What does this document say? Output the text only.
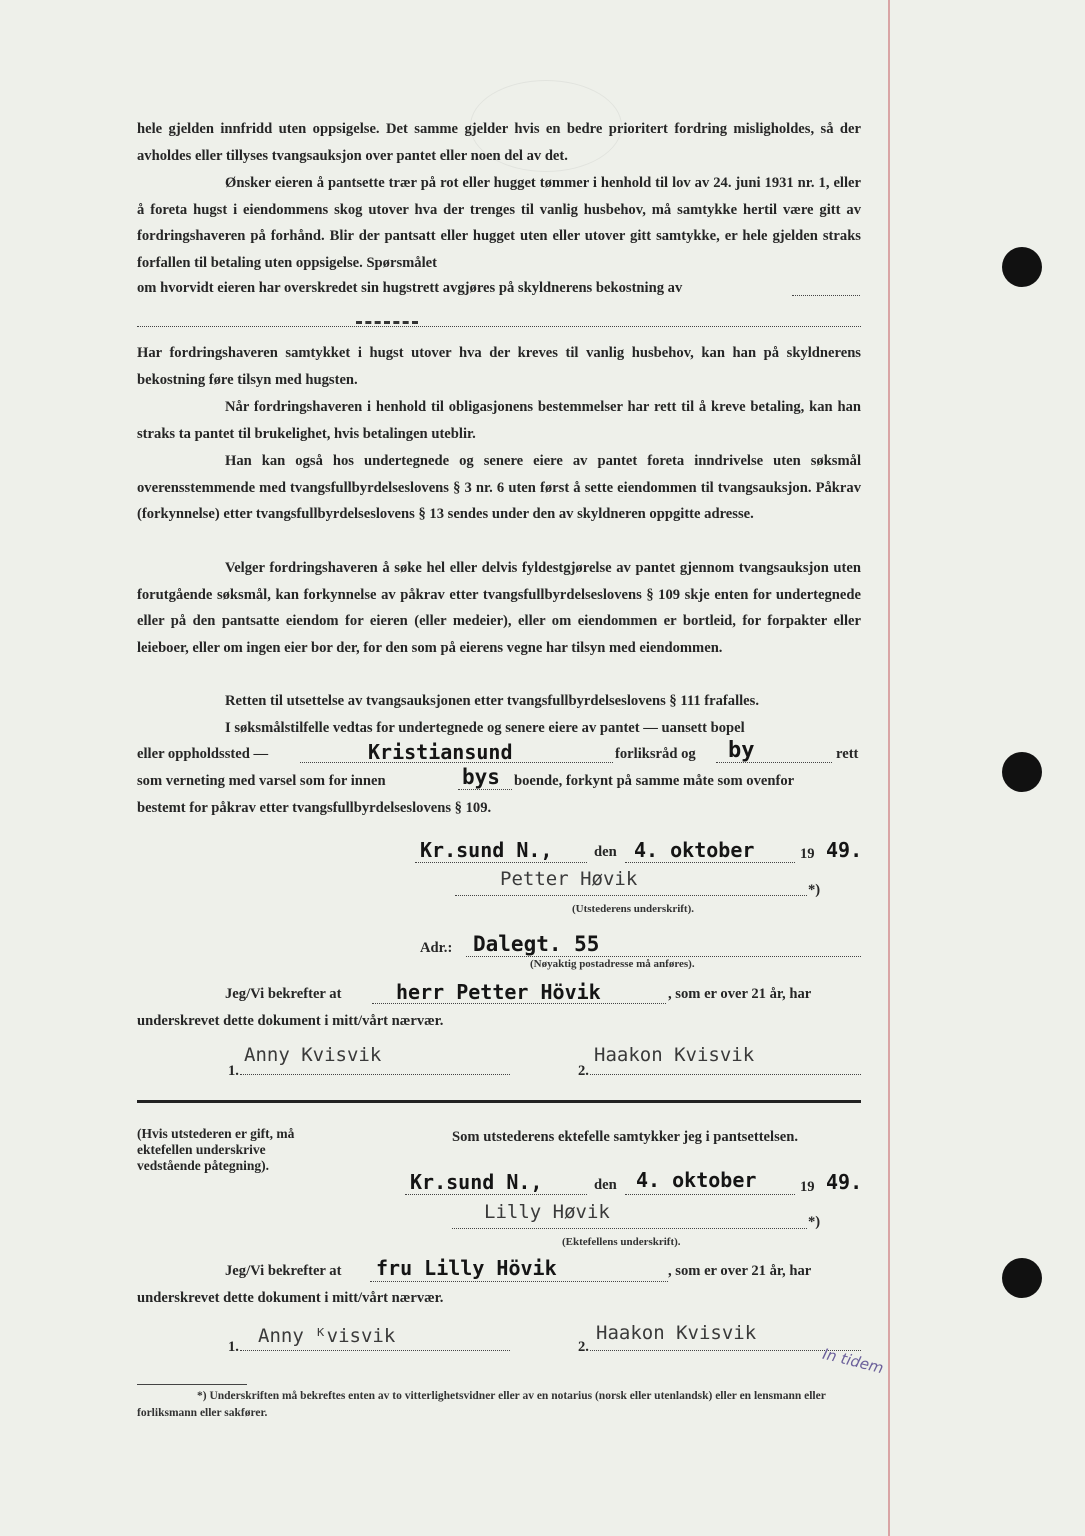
hele gjelden innfridd uten oppsigelse. Det samme gjelder hvis en bedre prioritert fordring misligholdes, så der avholdes eller tillyses tvangsauksjon over pantet eller noen del av det.
Ønsker eieren å pantsette trær på rot eller hugget tømmer i henhold til lov av 24. juni 1931 nr. 1, eller å foreta hugst i eiendommens skog utover hva der trenges til vanlig husbehov, må samtykke hertil være gitt av fordringshaveren på forhånd. Blir der pantsatt eller hugget uten eller utover gitt samtykke, er hele gjelden straks forfallen til betaling uten oppsigelse. Spørsmålet
om hvorvidt eieren har overskredet sin hugstrett avgjøres på skyldnerens bekostning av
Har fordringshaveren samtykket i hugst utover hva der kreves til vanlig husbehov, kan han på skyldnerens bekostning føre tilsyn med hugsten.
Når fordringshaveren i henhold til obligasjonens bestemmelser har rett til å kreve betaling, kan han straks ta pantet til brukelighet, hvis betalingen uteblir.
Han kan også hos undertegnede og senere eiere av pantet foreta inndrivelse uten søksmål overensstemmende med tvangsfullbyrdelseslovens § 3 nr. 6 uten først å sette eiendommen til tvangsauksjon. Påkrav (forkynnelse) etter tvangsfullbyrdelseslovens § 13 sendes under den av skyldneren oppgitte adresse.
Velger fordringshaveren å søke hel eller delvis fyldestgjørelse av pantet gjennom tvangsauksjon uten forutgående søksmål, kan forkynnelse av påkrav etter tvangsfullbyrdelseslovens § 109 skje enten for undertegnede eller på den pantsatte eiendom for eieren (eller medeier), eller om eiendommen er bortleid, for forpakter eller leieboer, eller om ingen eier bor der, for den som på eierens vegne har tilsyn med eiendommen.
Retten til utsettelse av tvangsauksjonen etter tvangsfullbyrdelseslovens § 111 frafalles.
I søksmålstilfelle vedtas for undertegnede og senere eiere av pantet — uansett bopel
eller oppholdssted —	Kristiansund	forliksråd og by	rett
som verneting med varsel som for innen	bys boende, forkynt på samme måte som ovenfor
bestemt for påkrav etter tvangsfullbyrdelseslovens § 109.
Kr.sund N.,	den 4. oktober	19 49.
Petter Høvik	*)
(Utstederens underskrift).
Adr.: Dalegt. 55
(Nøyaktig postadresse må anføres).
Jeg/Vi bekrefter at	herr Petter Hövik	, som er over 21 år, har
underskrevet dette dokument i mitt/vårt nærvær.
1.
Anny Kvisvik
2.
Haakon Kvisvik
(Hvis utstederen er gift, må ektefellen underskrive vedstående påtegning).
Som utstederens ektefelle samtykker jeg i pantsettelsen.
Kr.sund N.,	den 4. oktober	19 49.
Lilly Høvik	*)
(Ektefellens underskrift).
Jeg/Vi bekrefter at fru Lilly Hövik	, som er over 21 år, har
underskrevet dette dokument i mitt/vårt nærvær.
1. Anny ᴷvisvik	2.
Haakon Kvisvik
In tidem
*) Underskriften må bekreftes enten av to vitterlighetsvidner eller av en notarius (norsk eller utenlandsk) eller en lensmann eller forliksmann eller sakfører.
